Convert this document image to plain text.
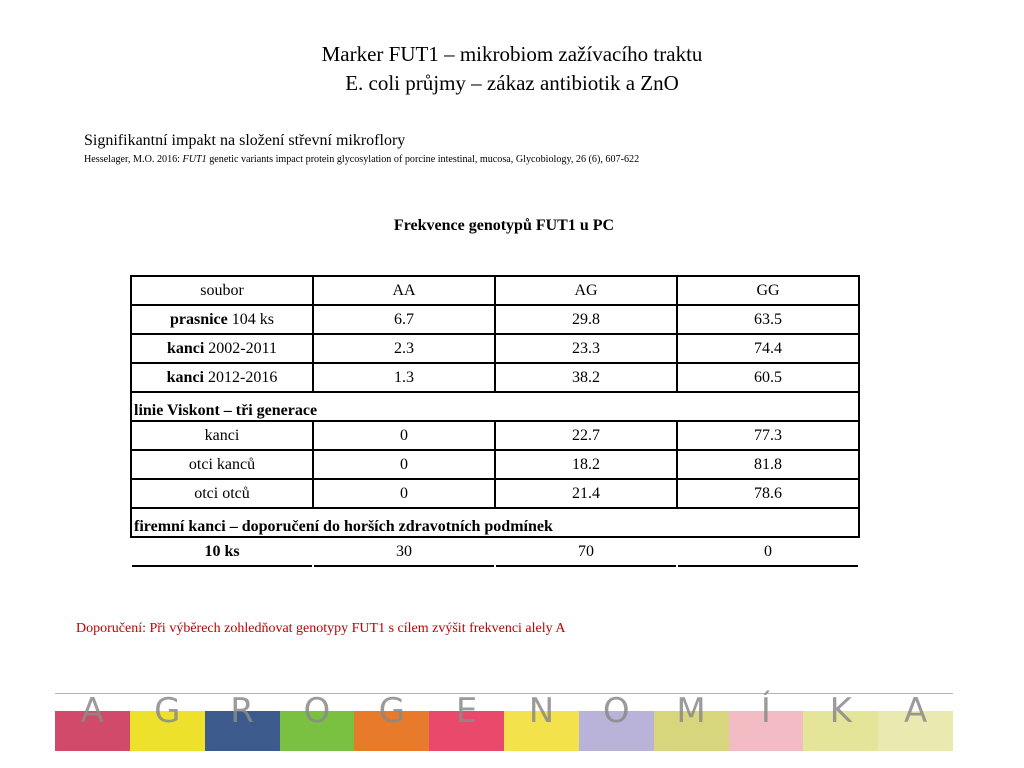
Marker FUT1 – mikrobiom zažívacího traktu
E. coli průjmy – zákaz antibiotik a ZnO
Signifikantní impakt na složení střevní mikroflory
Hesselager, M.O. 2016: FUT1 genetic variants impact protein glycosylation of porcine intestinal, mucosa, Glycobiology, 26 (6), 607-622
Frekvence genotypů FUT1 u PC
soubor	AA	AG	GG
prasnice 104 ks	6.7	29.8	63.5
kanci 2002-2011	2.3	23.3	74.4
kanci 2012-2016	1.3	38.2	60.5
linie Viskont – tři generace			
kanci	0	22.7	77.3
otci kanců	0	18.2	81.8
otci otců	0	21.4	78.6
firemní kanci – doporučení do horších zdravotních podmínek			
10 ks	30	70	0
Doporučení: Při výběrech zohledňovat genotypy FUT1 s cílem zvýšit frekvenci alely A
A	G	R	O	G	E	N	O	M	Í	K	A
